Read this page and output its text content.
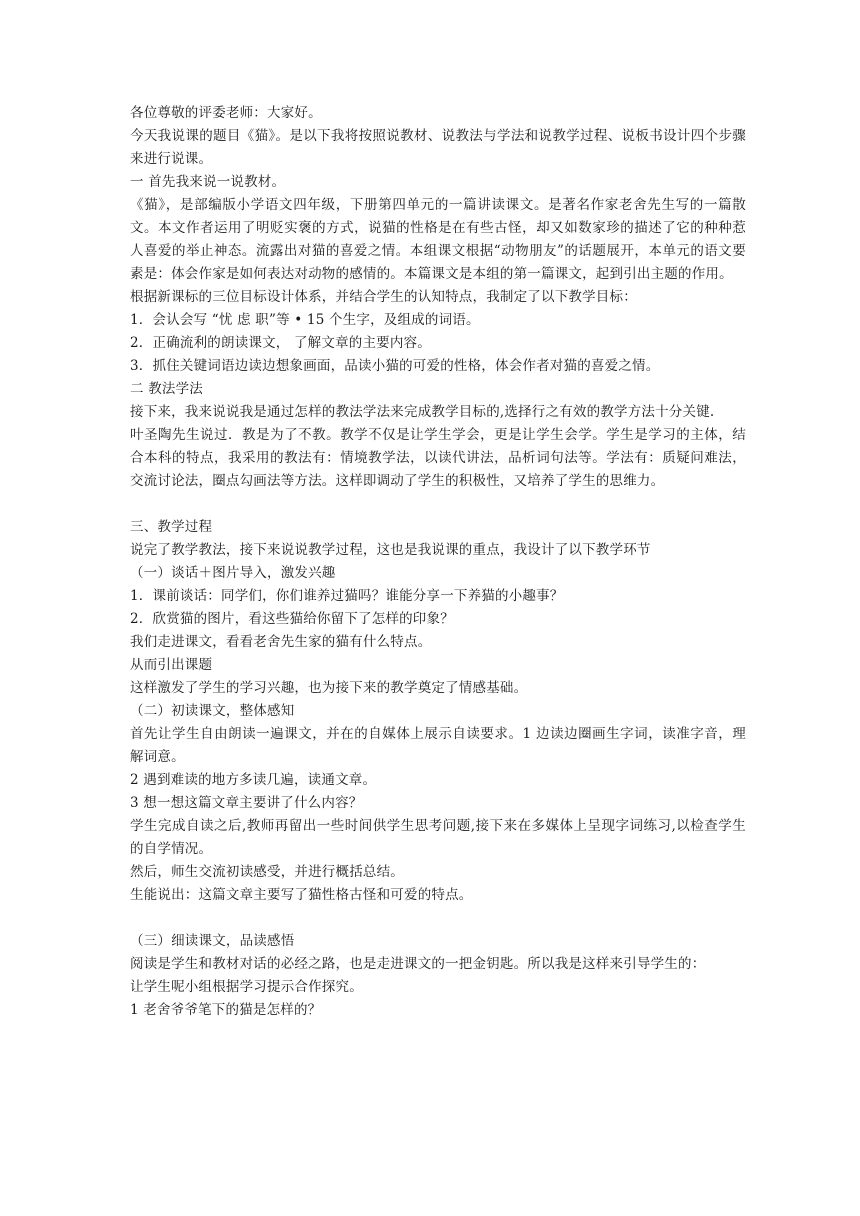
各位尊敬的评委老师：大家好。

今天我说课的题目《猫》。是以下我将按照说教材、说教法与学法和说教学过程、说板书设计四个步骤来进行说课。

一 首先我来说一说教材。

《猫》，是部编版小学语文四年级，下册第四单元的一篇讲读课文。是著名作家老舍先生写的一篇散文。本文作者运用了明贬实褒的方式，说猫的性格是在有些古怪，却又如数家珍的描述了它的种种惹人喜爱的举止神态。流露出对猫的喜爱之情。本组课文根据“动物朋友”的话题展开，本单元的语文要素是：体会作家是如何表达对动物的感情的。本篇课文是本组的第一篇课文，起到引出主题的作用。

根据新课标的三位目标设计体系，并结合学生的认知特点，我制定了以下教学目标：

1．会认会写 “忧 虑 职”等 • 15 个生字，及组成的词语。

2．正确流利的朗读课文， 了解文章的主要内容。

3．抓住关键词语边读边想象画面，品读小猫的可爱的性格，体会作者对猫的喜爱之情。

二 教法学法

接下来，我来说说我是通过怎样的教法学法来完成教学目标的,选择行之有效的教学方法十分关键.

叶圣陶先生说过．教是为了不教。教学不仅是让学生学会，更是让学生会学。学生是学习的主体，结合本科的特点，我采用的教法有：情境教学法，以读代讲法，品析词句法等。学法有：质疑问难法，交流讨论法，圈点勾画法等方法。这样即调动了学生的积极性，又培养了学生的思维力。

三、教学过程

说完了教学教法，接下来说说教学过程，这也是我说课的重点，我设计了以下教学环节

（一）谈话＋图片导入，激发兴趣

1．课前谈话：同学们，你们谁养过猫吗？谁能分享一下养猫的小趣事？

2．欣赏猫的图片，看这些猫给你留下了怎样的印象？

我们走进课文，看看老舍先生家的猫有什么特点。

从而引出课题

这样激发了学生的学习兴趣，也为接下来的教学奠定了情感基础。

（二）初读课文，整体感知

首先让学生自由朗读一遍课文，并在的自媒体上展示自读要求。1 边读边圈画生字词，读准字音，理解词意。

2 遇到难读的地方多读几遍，读通文章。

3 想一想这篇文章主要讲了什么内容？

学生完成自读之后,教师再留出一些时间供学生思考问题,接下来在多媒体上呈现字词练习,以检查学生的自学情况。

然后，师生交流初读感受，并进行概括总结。

生能说出：这篇文章主要写了猫性格古怪和可爱的特点。

（三）细读课文，品读感悟

阅读是学生和教材对话的必经之路，也是走进课文的一把金钥匙。所以我是这样来引导学生的：

让学生呢小组根据学习提示合作探究。

1 老舍爷爷笔下的猫是怎样的？
